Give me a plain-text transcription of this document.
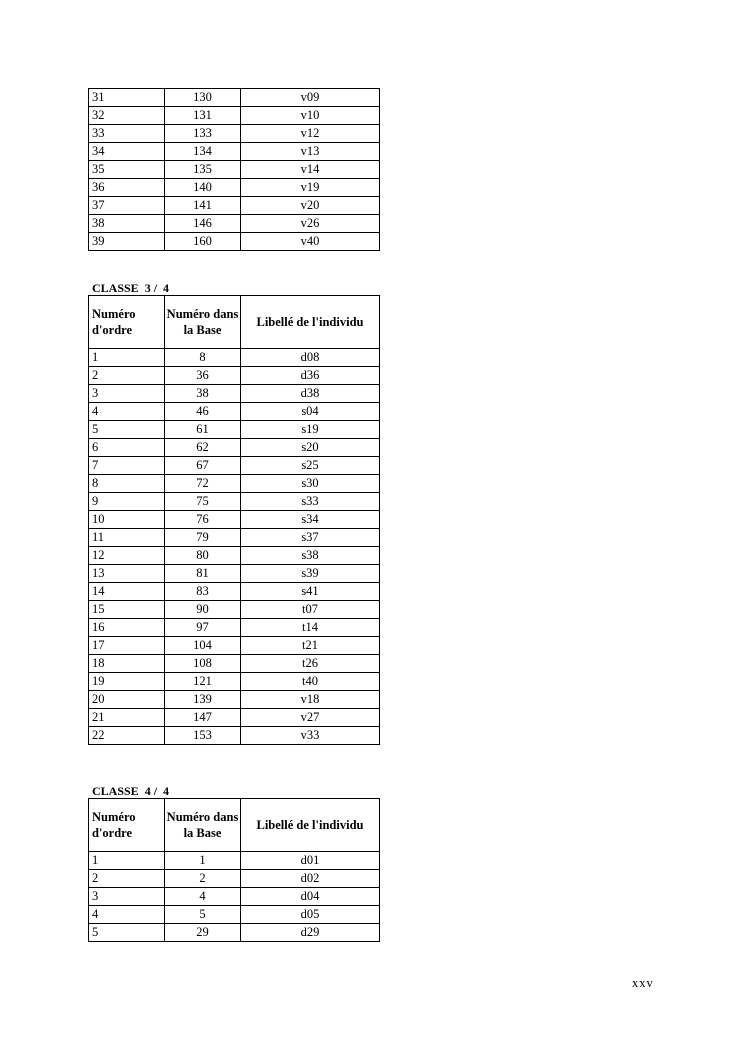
31	130	v09
32	131	v10
33	133	v12
34	134	v13
35	135	v14
36	140	v19
37	141	v20
38	146	v26
39	160	v40
CLASSE  3 /  4
Numéro d'ordre	Numéro dans la Base	Libellé de l'individu
1	8	d08
2	36	d36
3	38	d38
4	46	s04
5	61	s19
6	62	s20
7	67	s25
8	72	s30
9	75	s33
10	76	s34
11	79	s37
12	80	s38
13	81	s39
14	83	s41
15	90	t07
16	97	t14
17	104	t21
18	108	t26
19	121	t40
20	139	v18
21	147	v27
22	153	v33
CLASSE  4 /  4
Numéro d'ordre	Numéro dans la Base	Libellé de l'individu
1	1	d01
2	2	d02
3	4	d04
4	5	d05
5	29	d29
xxv
